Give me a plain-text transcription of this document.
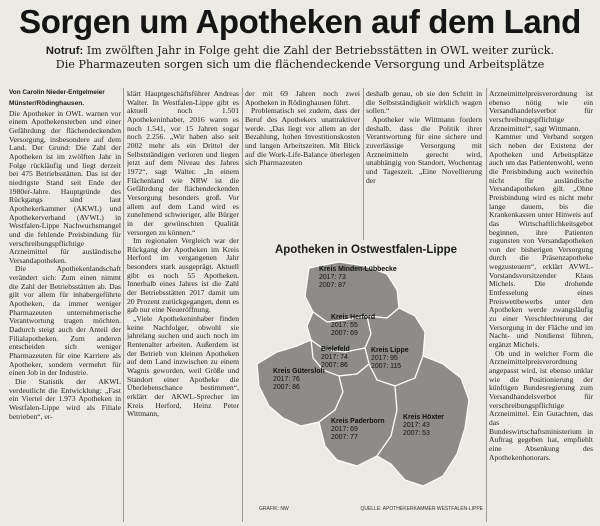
Sorgen um Apotheken auf dem Land
Notruf: Im zwölften Jahr in Folge geht die Zahl der Betriebsstätten in OWL weiter zurück.
Die Pharmazeuten sorgen sich um die flächendeckende Versorgung und Arbeitsplätze
Von Carolin Nieder-Entgelmeier
Münster/Rödinghausen.

Die Apotheker in OWL warnen vor einem Apothekensterben und einer Gefährdung der flächendeckenden Versorgung, insbesondere auf dem Land. Der Grund: Die Zahl der Apotheken ist im zwölften Jahr in Folge rückläufig und liegt derzeit bei 475 Betriebsstätten. Das ist der niedrigste Stand seit Ende der 1980er-Jahre. Hauptgründe des Rückgangs sind laut Apothekerkammer (AKWL) und Apothekerverband (AVWL) in Westfalen-Lippe Nachwuchsmangel und die fehlende Preisbindung für verschreibungspflichtige Arzneimittel für ausländische Versandapotheken.

Die Apothekenlandschaft verändert sich: Zum einen nimmt die Zahl der Betriebsstätten ab. Das gilt vor allem für inhabergeführte Apotheken, da immer weniger Pharmazeuten unternehmerische Verantwortung tragen möchten. Dadurch steigt auch der Anteil der Filialapotheken. Zum anderen entscheiden sich weniger Pharmazeuten für eine Karriere als Apotheker, sondern vermehrt für einen Job in der Industrie.

Die Statistik der AKWL verdeutlicht die Entwicklung: „Fast ein Viertel der 1.973 Apotheken in Westfalen-Lippe wird als Filiale betrieben“, er-

klärt Hauptgeschäftsführer Andreas Walter. In Westfalen-Lippe gibt es aktuell noch 1.501 Apothekeninhaber, 2016 waren es noch 1.541, vor 15 Jahren sogar noch 2.256. „Wir haben also seit 2002 mehr als ein Drittel der Selbstständigen verloren und liegen jetzt auf dem Niveau des Jahres 1972“, sagt Walter. „In einem Flächenland wie NRW ist die Gefährdung der flächendeckenden Versorgung besonders groß. Vor allem auf dem Land wird es zunehmend schwieriger, alle Bürger in der gewünschten Qualität versorgen zu können.“

Im regionalen Vergleich war der Rückgang der Apotheken im Kreis Herford im vergangenen Jahr besonders stark ausgeprägt. Aktuell gibt es noch 55 Apotheken. Innerhalb eines Jahres ist die Zahl der Betriebsstätten 2017 damit um 20 Prozent zurückgegangen, denn es gab nur eine Neueröffnung.

„Viele Apothekeninhaber finden keine Nachfolger, obwohl sie jahrelang suchen und auch noch im Rentenalter arbeiten. Außerdem ist der Betrieb von kleinen Apotheken auf dem Land inzwischen zu einem Wagnis geworden, weil Größe und Standort einer Apotheke die Überlebenschance bestimmen“, erklärt der AKWL-Sprecher im Kreis Herford, Heinz Peter Wittmann,

der mit 69 Jahren noch zwei Apotheken in Rödinghausen führt.

Problematisch sei zudem, dass der Beruf des Apothekers unattraktiver werde. „Das liegt vor allem an der Bezahlung, hohen Investitionskosten und langen Arbeitszeiten. Mit Blick auf die Work-Life-Balance überlegen sich Pharmazeuten

deshalb genau, ob sie den Schritt in die Selbstständigkeit wirklich wagen sollen.“

Apotheker wie Wittmann fordern deshalb, dass die Politik ihrer Verantwortung für eine sichere und zuverlässige Versorgung mit Arzneimitteln gerecht wird, unabhängig von Standort, Wochentag und Tageszeit. „Eine Novellierung der

Arzneimittelpreisverordnung ist ebenso nötig wie ein Versandhandelsverbot für verschreibungspflichtige Arzneimittel“, sagt Wittmann.

Kammer und Verband sorgen sich neben der Existenz der Apotheken und Arbeitsplätze auch um das Patientenwohl, wenn die Preisbindung auch weiterhin nicht für ausländische Versandapotheken gilt. „Ohne Preisbindung wird es nicht mehr lange dauern, bis die Krankenkassen unter Hinweis auf das Wirtschaftlichkeitsgebot beginnen, ihre Patienten zugunsten von Versandapotheken von der bisherigen Versorgung durch die Präsenzapotheke wegzusteuern“, erklärt AVWL-Vorstandsvorsitzender Klaus Michels. Die drohende Entfesselung eines Preiswettbewerbs unter den Apotheken werde zwangsläufig zu einer Verschlechterung der Versorgung in der Fläche und im Nacht- und Notdienst führen, ergänzt Michels.

Ob und in welcher Form die Arzneimittelpreisverordnung angepasst wird, ist ebenso unklar wie die Positionierung der künftigen Bundesregierung zum Versandhandelsverbot für verschreibungspflichtige Arzneimittel. Ein Gutachten, das das Bundeswirtschaftsministerium in Auftrag gegeben hat, empfiehlt eine Absenkung des Apothekenhonorars.

Apotheken in Ostwestfalen-Lippe
Kreis Minden-Lübbecke
2017: 73
2007: 87
Kreis Herford
2017: 55
2007: 69
Bielefeld
2017: 74
2007: 86
Kreis Lippe
2017: 95
2007: 115
Kreis Gütersloh
2017: 76
2007: 86
Kreis Paderborn
2017: 69
2007: 77
Kreis Höxter
2017: 43
2007: 53
GRAFIK: NW	QUELLE: APOTHEKERKAMMER WESTFALEN-LIPPE
